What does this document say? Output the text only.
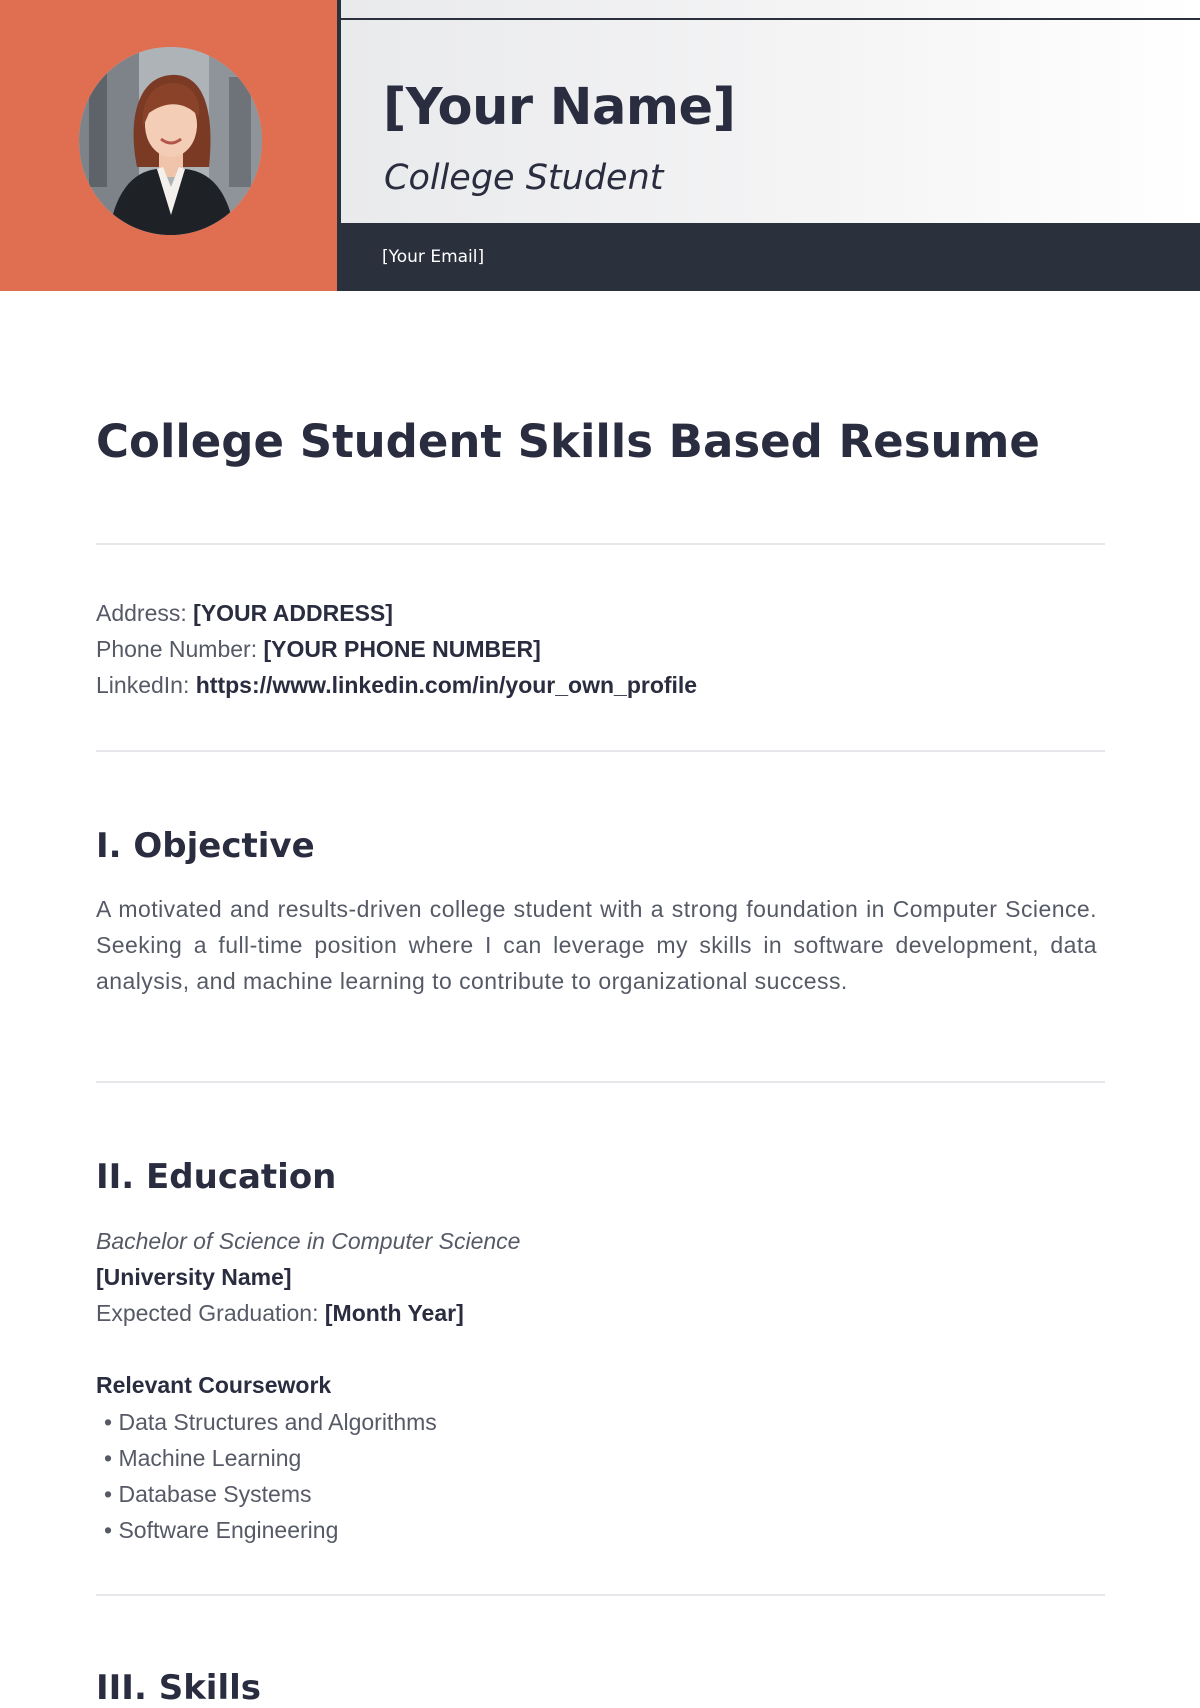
[Your Name]
College Student
[Your Email]
College Student Skills Based Resume
Address: [YOUR ADDRESS]
Phone Number: [YOUR PHONE NUMBER]
LinkedIn: https://www.linkedin.com/in/your_own_profile
I. Objective

A motivated and results-driven college student with a strong foundation in Computer Science. Seeking a full-time position where I can leverage my skills in software development, data analysis, and machine learning to contribute to organizational success.

II. Education
Bachelor of Science in Computer Science
[University Name]
Expected Graduation: [Month Year]
Relevant Coursework
• Data Structures and Algorithms
• Machine Learning
• Database Systems
• Software Engineering
III. Skills
